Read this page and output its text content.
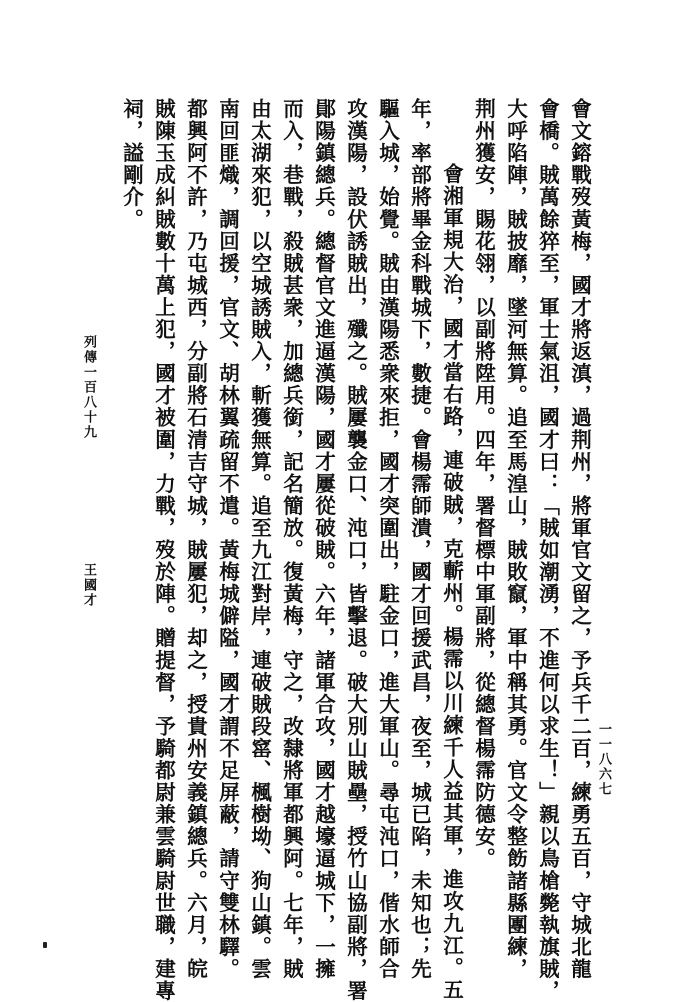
會文鎔戰歿黃梅，國才將返滇，過荆州，將軍官文留之，予兵千二百，練勇五百，守城北龍
會橋。賊萬餘猝至，軍士氣沮，國才曰：「賊如潮湧，不進何以求生！」親以鳥槍斃執旗賊，
大呼陷陣，賊披靡，墜河無算。追至馬湟山，賊敗竄，軍中稱其勇。官文令整飭諸縣團練，
荆州獲安，賜花翎，以副將陞用。四年，署督標中軍副將，從總督楊霈防德安。
會湘軍規大治，國才當右路，連破賊，克蘄州。楊霈以川練千人益其軍，進攻九江。五
年，率部將畢金科戰城下，數捷。會楊霈師潰，國才回援武昌，夜至，城已陷，未知也；先
驅入城，始覺。賊由漢陽悉衆來拒，國才突圍出，駐金口，進大軍山。尋屯沌口，偕水師合
攻漢陽，設伏誘賊出，殲之。賊屢襲金口、沌口，皆擊退。破大別山賊壘，授竹山協副將，署
鄖陽鎮總兵。總督官文進逼漢陽，國才屢從破賊。六年，諸軍合攻，國才越壕逼城下，一擁
而入，巷戰，殺賊甚衆，加總兵銜，記名簡放。復黃梅，守之，改隸將軍都興阿。七年，賊
由太湖來犯，以空城誘賊入，斬獲無算。追至九江對岸，連破賊段窰、楓樹坳、狗山鎮。雲
南回匪熾，調回援，官文、胡林翼疏留不遣。黃梅城僻隘，國才謂不足屏蔽，請守雙林驛。
都興阿不許，乃屯城西，分副將石清吉守城，賊屢犯，却之，授貴州安義鎮總兵。六月，皖
賊陳玉成糾賊數十萬上犯，國才被圍，力戰，歿於陣。贈提督，予騎都尉兼雲騎尉世職，建專
祠，謚剛介。
列傳一百八十九
王國才
一一八六七
